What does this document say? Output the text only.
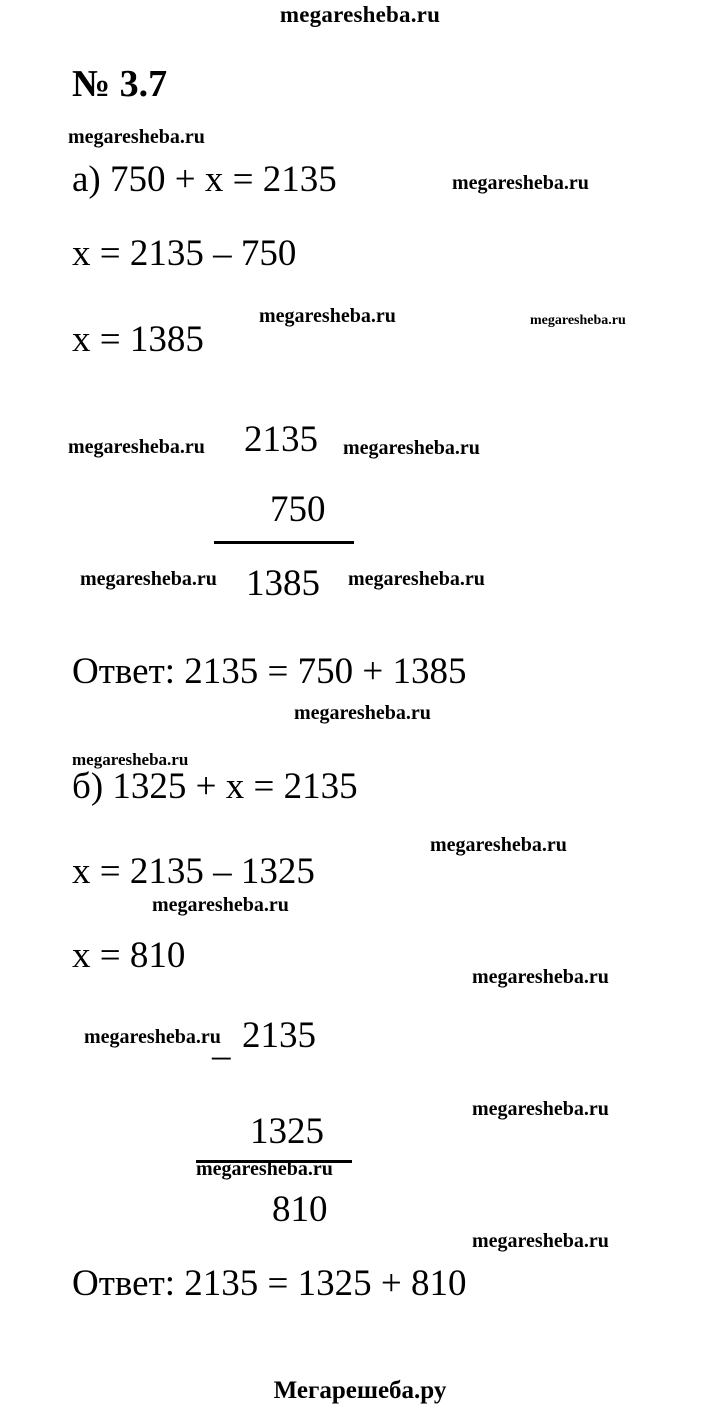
megaresheba.ru
№ 3.7
а) 750 + х = 2135
х = 2135 – 750
х = 1385
2135
750
1385
Ответ: 2135 = 750 + 1385
б) 1325 + х = 2135
х = 2135 – 1325
х = 810
– 2135
1325
810
Ответ: 2135 = 1325 + 810
Мегарешеба.ру
megaresheba.ru
megaresheba.ru
megaresheba.ru	megaresheba.ru
megaresheba.ru	megaresheba.ru
megaresheba.ru	megaresheba.ru
megaresheba.ru
megaresheba.ru
megaresheba.ru
megaresheba.ru
megaresheba.ru
megaresheba.ru
megaresheba.ru
megaresheba.ru
megaresheba.ru
